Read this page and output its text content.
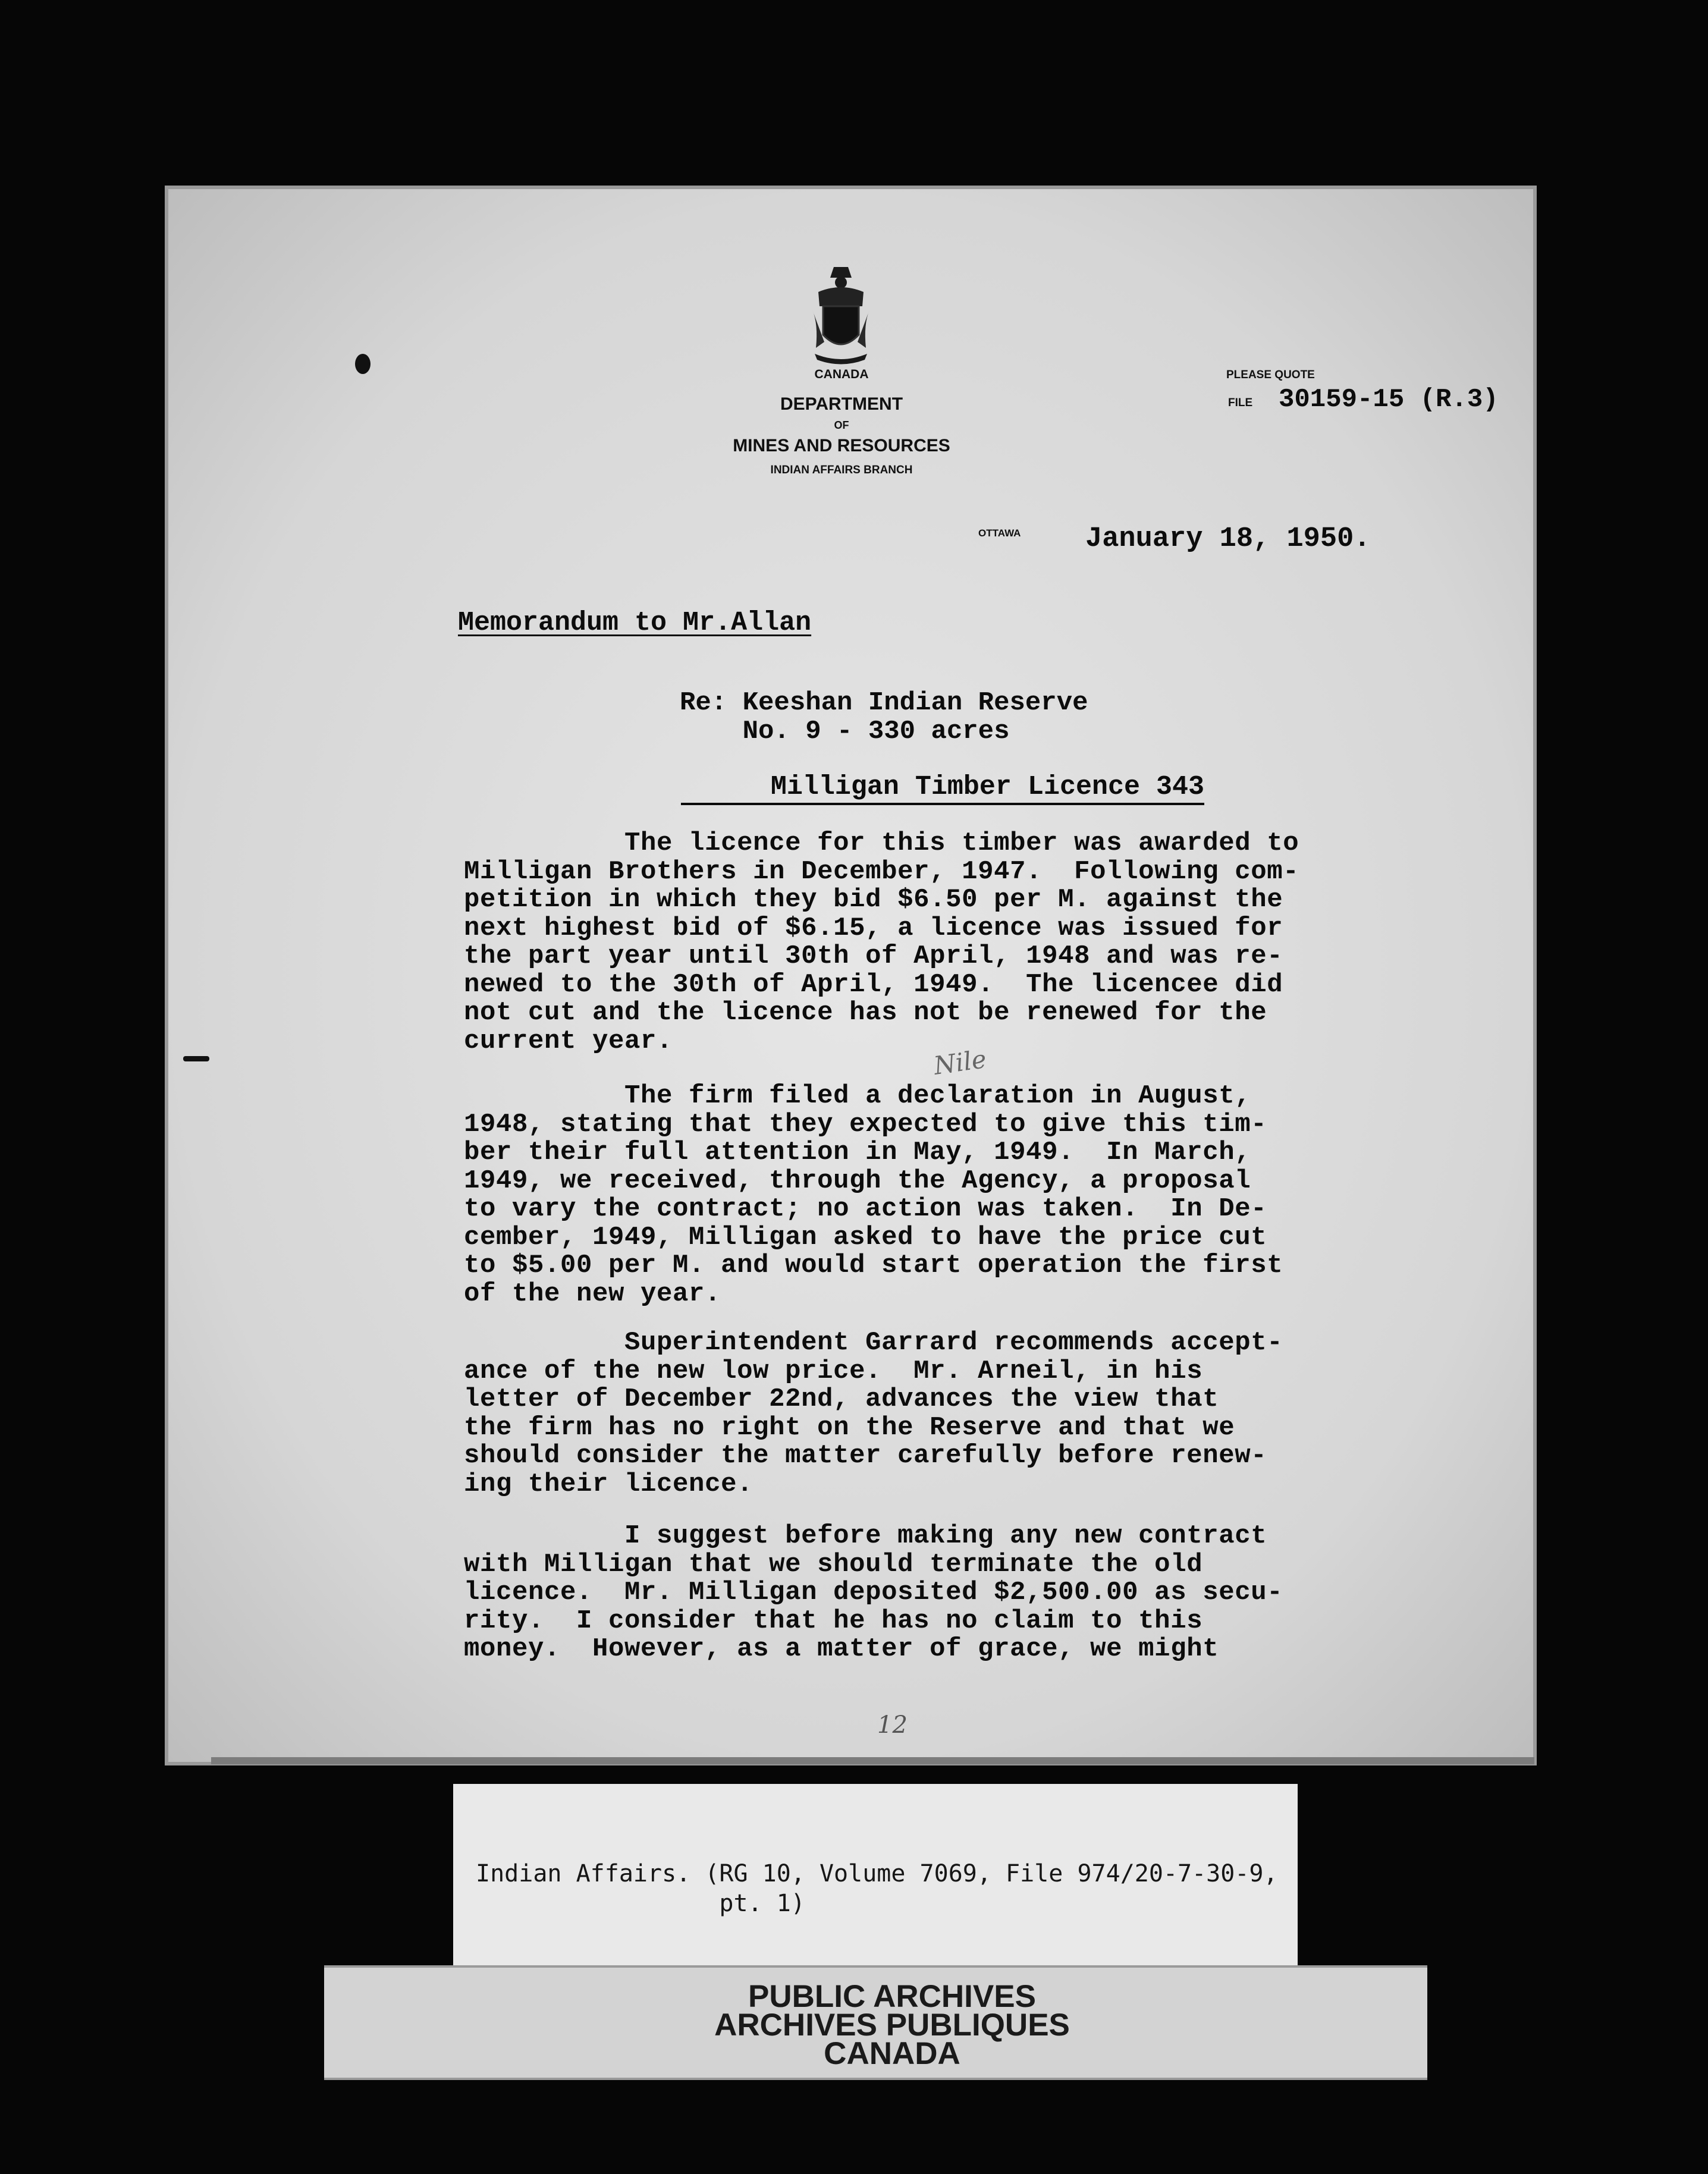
CANADA
DEPARTMENT
OF
MINES AND RESOURCES
INDIAN AFFAIRS BRANCH
PLEASE QUOTE
FILE 30159-15 (R.3)
OTTAWA January 18, 1950.
Memorandum to Mr.Allan
Re: Keeshan Indian Reserve
No. 9 - 330 acres
Milligan Timber Licence 343

The licence for this timber was awarded to
Milligan Brothers in December, 1947.  Following com-
petition in which they bid $6.50 per M. against the
next highest bid of $6.15, a licence was issued for
the part year until 30th of April, 1948 and was re-
newed to the 30th of April, 1949.  The licencee did
not cut and the licence has not be renewed for the
current year.

The firm filed a declaration in August,
1948, stating that they expected to give this tim-
ber their full attention in May, 1949.  In March,
1949, we received, through the Agency, a proposal
to vary the contract; no action was taken.  In De-
cember, 1949, Milligan asked to have the price cut
to $5.00 per M. and would start operation the first
of the new year.

Superintendent Garrard recommends accept-
ance of the new low price.  Mr. Arneil, in his
letter of December 22nd, advances the view that
the firm has no right on the Reserve and that we
should consider the matter carefully before renew-
ing their licence.

I suggest before making any new contract
with Milligan that we should terminate the old
licence.  Mr. Milligan deposited $2,500.00 as secu-
rity.  I consider that he has no claim to this
money.  However, as a matter of grace, we might

Nile
12

Indian Affairs. (RG 10, Volume 7069, File 974/20-7-30-9,
pt. 1)

PUBLIC ARCHIVES
ARCHIVES PUBLIQUES
CANADA
